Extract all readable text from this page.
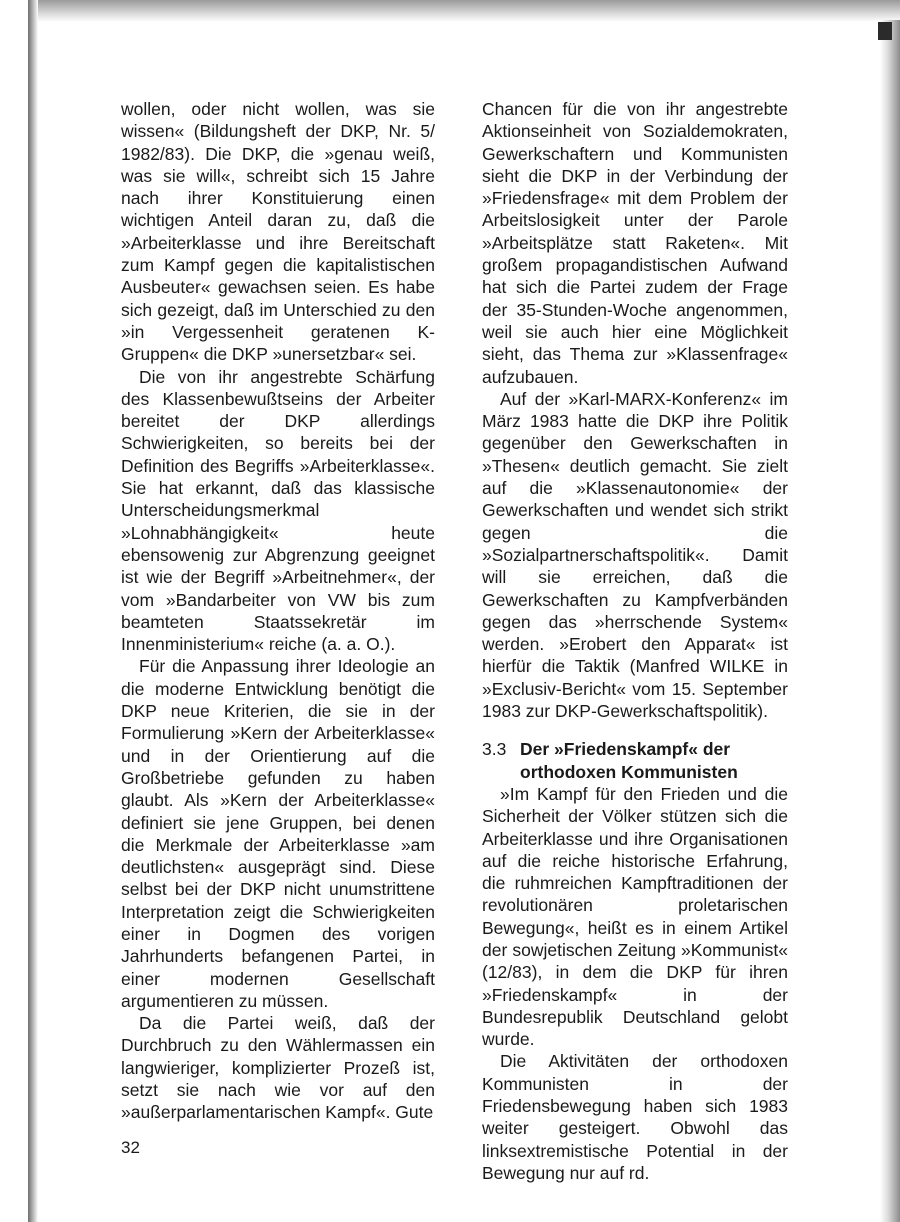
wollen, oder nicht wollen, was sie wissen« (Bildungsheft der DKP, Nr. 5/ 1982/83). Die DKP, die »genau weiß, was sie will«, schreibt sich 15 Jahre nach ihrer Konstituierung einen wichtigen Anteil daran zu, daß die »Arbeiterklasse und ihre Bereitschaft zum Kampf gegen die kapitalistischen Ausbeuter« gewachsen seien. Es habe sich gezeigt, daß im Unterschied zu den »in Vergessenheit geratenen K-Gruppen« die DKP »unersetzbar« sei.

Die von ihr angestrebte Schärfung des Klassenbewußtseins der Arbeiter bereitet der DKP allerdings Schwierigkeiten, so bereits bei der Definition des Begriffs »Arbeiterklasse«. Sie hat erkannt, daß das klassische Unterscheidungsmerkmal »Lohnabhängigkeit« heute ebensowenig zur Abgrenzung geeignet ist wie der Begriff »Arbeitnehmer«, der vom »Bandarbeiter von VW bis zum beamteten Staatssekretär im Innenministerium« reiche (a. a. O.).

Für die Anpassung ihrer Ideologie an die moderne Entwicklung benötigt die DKP neue Kriterien, die sie in der Formulierung »Kern der Arbeiterklasse« und in der Orientierung auf die Großbetriebe gefunden zu haben glaubt. Als »Kern der Arbeiterklasse« definiert sie jene Gruppen, bei denen die Merkmale der Arbeiterklasse »am deutlichsten« ausgeprägt sind. Diese selbst bei der DKP nicht unumstrittene Interpretation zeigt die Schwierigkeiten einer in Dogmen des vorigen Jahrhunderts befangenen Partei, in einer modernen Gesellschaft argumentieren zu müssen.

Da die Partei weiß, daß der Durchbruch zu den Wählermassen ein langwieriger, komplizierter Prozeß ist, setzt sie nach wie vor auf den »außerparlamentarischen Kampf«. Gute

Chancen für die von ihr angestrebte Aktionseinheit von Sozialdemokraten, Gewerkschaftern und Kommunisten sieht die DKP in der Verbindung der »Friedensfrage« mit dem Problem der Arbeitslosigkeit unter der Parole »Arbeitsplätze statt Raketen«. Mit großem propagandistischen Aufwand hat sich die Partei zudem der Frage der 35-Stunden-Woche angenommen, weil sie auch hier eine Möglichkeit sieht, das Thema zur »Klassenfrage« aufzubauen.

Auf der »Karl-MARX-Konferenz« im März 1983 hatte die DKP ihre Politik gegenüber den Gewerkschaften in »Thesen« deutlich gemacht. Sie zielt auf die »Klassenautonomie« der Gewerkschaften und wendet sich strikt gegen die »Sozialpartnerschaftspolitik«. Damit will sie erreichen, daß die Gewerkschaften zu Kampfverbänden gegen das »herrschende System« werden. »Erobert den Apparat« ist hierfür die Taktik (Manfred WILKE in »Exclusiv-Bericht« vom 15. September 1983 zur DKP-Gewerkschaftspolitik).

3.3 Der »Friedenskampf« der
orthodoxen Kommunisten

»Im Kampf für den Frieden und die Sicherheit der Völker stützen sich die Arbeiterklasse und ihre Organisationen auf die reiche historische Erfahrung, die ruhmreichen Kampftraditionen der revolutionären proletarischen Bewegung«, heißt es in einem Artikel der sowjetischen Zeitung »Kommunist« (12/83), in dem die DKP für ihren »Friedenskampf« in der Bundesrepublik Deutschland gelobt wurde.

Die Aktivitäten der orthodoxen Kommunisten in der Friedensbewegung haben sich 1983 weiter gesteigert. Obwohl das linksextremistische Potential in der Bewegung nur auf rd.

32
